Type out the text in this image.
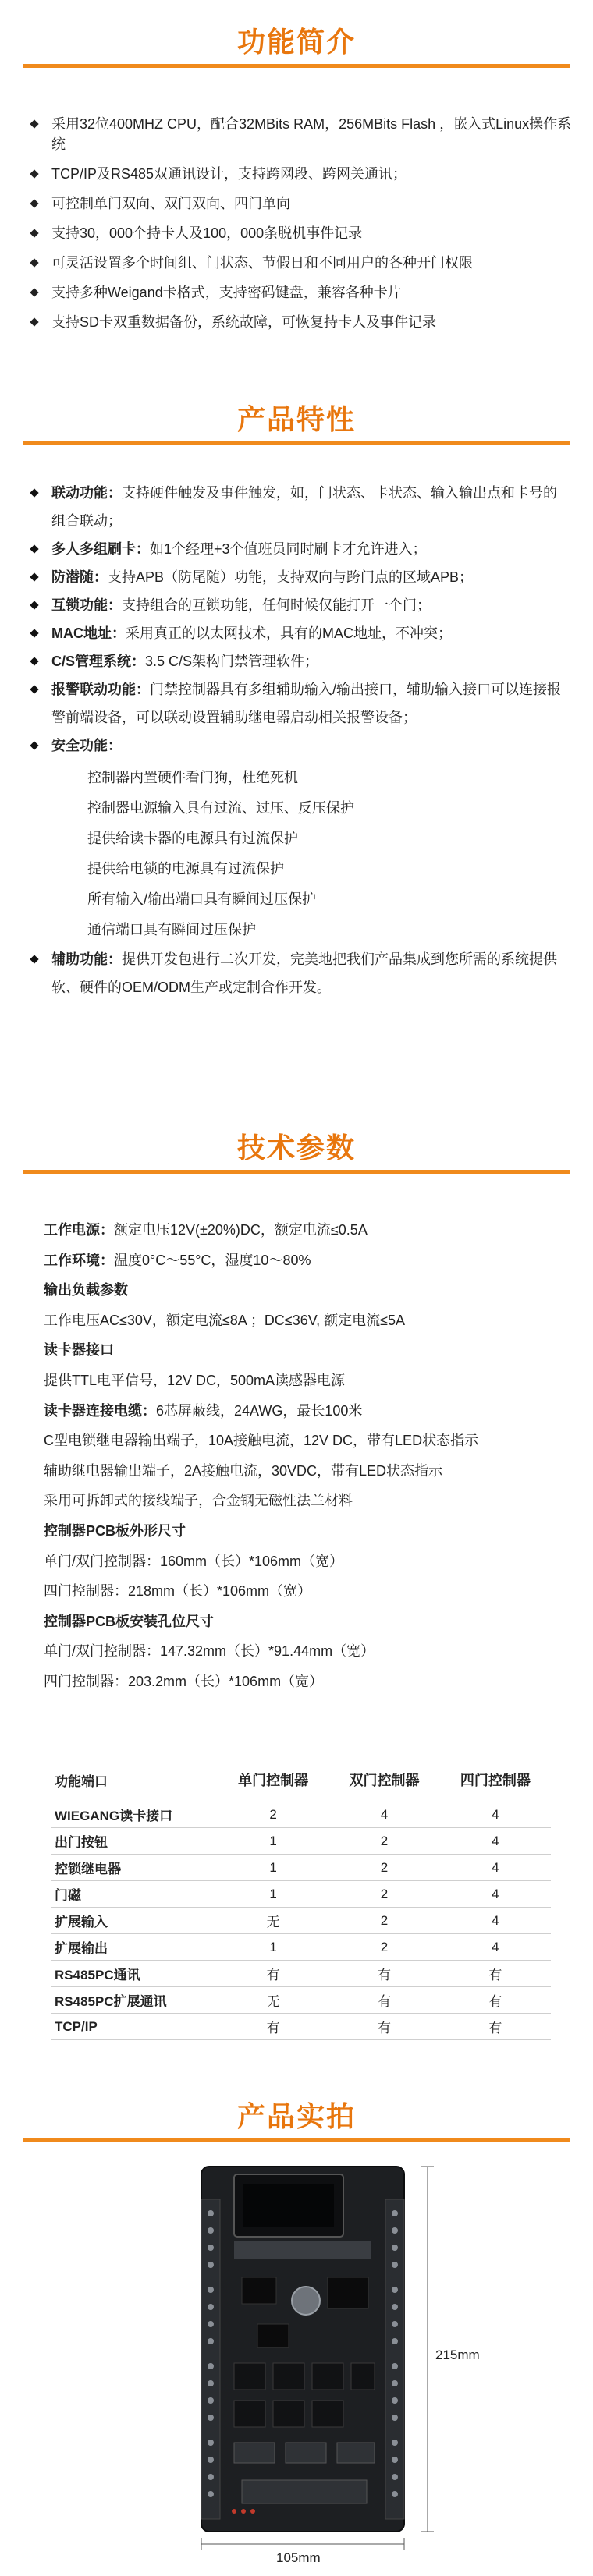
功能简介
采用32位400MHZ CPU，配合32MBits RAM，256MBits Flash ，嵌入式Linux操作系统
TCP/IP及RS485双通讯设计，支持跨网段、跨网关通讯；
可控制单门双向、双门双向、四门单向
支持30，000个持卡人及100，000条脱机事件记录
可灵活设置多个时间组、门状态、节假日和不同用户的各种开门权限
支持多种Weigand卡格式，支持密码键盘，兼容各种卡片
支持SD卡双重数据备份，系统故障，可恢复持卡人及事件记录
产品特性
联动功能：支持硬件触发及事件触发，如，门状态、卡状态、输入输出点和卡号的组合联动；
多人多组刷卡：如1个经理+3个值班员同时刷卡才允许进入；
防潜随：支持APB（防尾随）功能，支持双向与跨门点的区域APB；
互锁功能：支持组合的互锁功能，任何时候仅能打开一个门；
MAC地址：采用真正的以太网技术，具有的MAC地址，不冲突；
C/S管理系统：3.5 C/S架构门禁管理软件；
报警联动功能：门禁控制器具有多组辅助输入/输出接口，辅助输入接口可以连接报警前端设备，可以联动设置辅助继电器启动相关报警设备；
安全功能：
控制器内置硬件看门狗，杜绝死机
控制器电源输入具有过流、过压、反压保护
提供给读卡器的电源具有过流保护
提供给电锁的电源具有过流保护
所有输入/输出端口具有瞬间过压保护
通信端口具有瞬间过压保护
辅助功能：提供开发包进行二次开发，完美地把我们产品集成到您所需的系统提供软、硬件的OEM/ODM生产或定制合作开发。
技术参数
工作电源：额定电压12V(±20%)DC，额定电流≤0.5A
工作环境：温度0°C～55°C，湿度10～80%
输出负载参数
工作电压AC≤30V，额定电流≤8A ；DC≤36V, 额定电流≤5A
读卡器接口
提供TTL电平信号，12V DC，500mA读感器电源
读卡器连接电缆：6芯屏蔽线，24AWG，最长100米
C型电锁继电器输出端子，10A接触电流，12V DC，带有LED状态指示
辅助继电器输出端子，2A接触电流，30VDC，带有LED状态指示
采用可拆卸式的接线端子，合金钢无磁性法兰材料
控制器PCB板外形尺寸
单门/双门控制器：160mm（长）*106mm（宽）
四门控制器：218mm（长）*106mm（宽）
控制器PCB板安装孔位尺寸
单门/双门控制器：147.32mm（长）*91.44mm（宽）
四门控制器：203.2mm（长）*106mm（宽）
功能端口	单门控制器	双门控制器	四门控制器
WIEGANG读卡接口	2	4	4
出门按钮	1	2	4
控锁继电器	1	2	4
门磁	1	2	4
扩展输入	无	2	4
扩展输出	1	2	4
RS485PC通讯	有	有	有
RS485PC扩展通讯	无	有	有
TCP/IP	有	有	有
产品实拍
215mm
105mm
